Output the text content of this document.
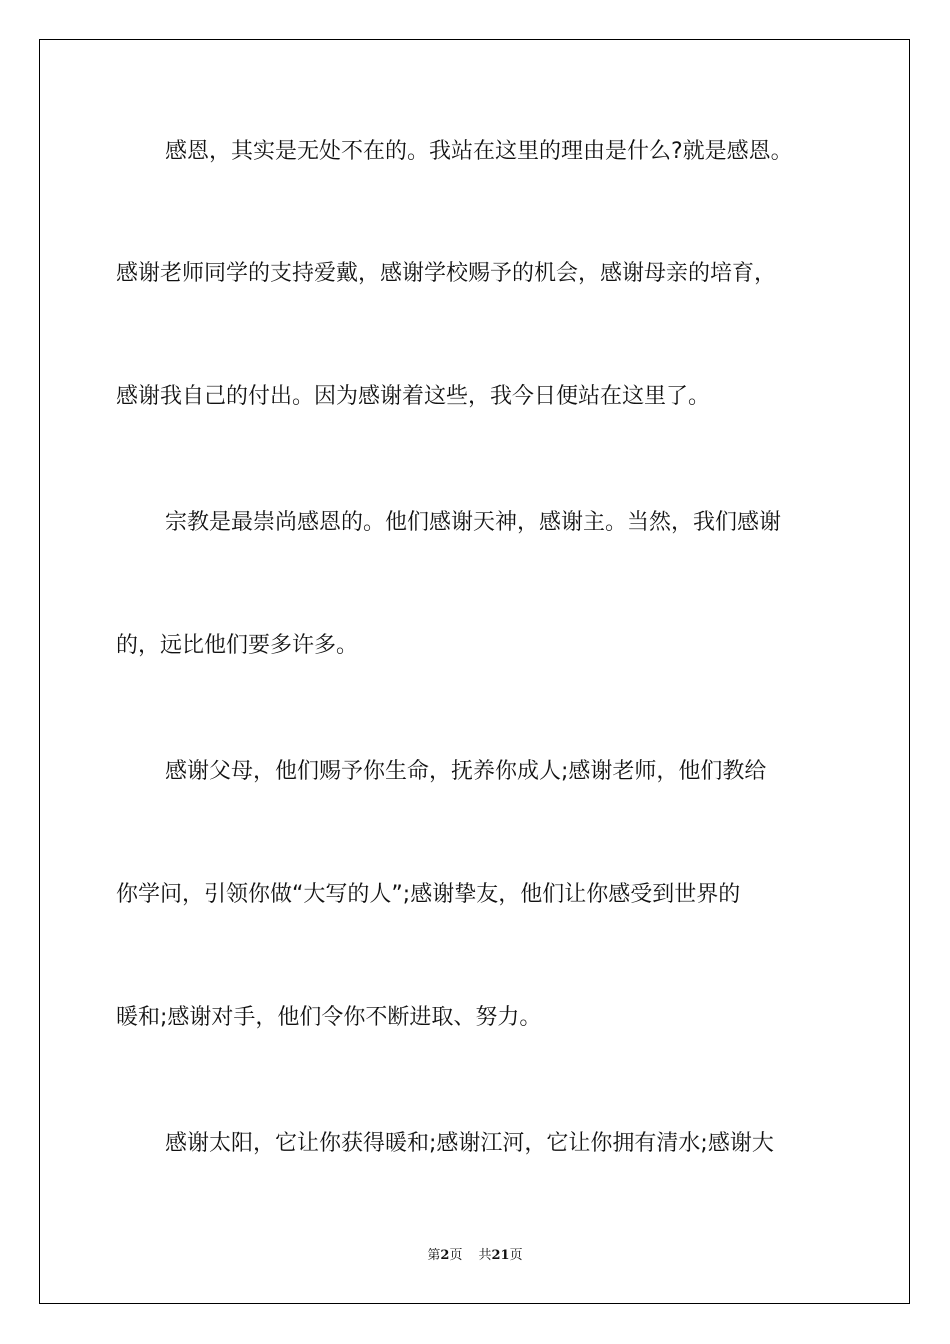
感恩，其实是无处不在的。我站在这里的理由是什么?就是感恩。
感谢老师同学的支持爱戴，感谢学校赐予的机会，感谢母亲的培育，
感谢我自己的付出。因为感谢着这些，我今日便站在这里了。
宗教是最崇尚感恩的。他们感谢天神，感谢主。当然，我们感谢
的，远比他们要多许多。
感谢父母，他们赐予你生命，抚养你成人;感谢老师，他们教给
你学问，引领你做“大写的人”;感谢挚友，他们让你感受到世界的
暖和;感谢对手，他们令你不断进取、努力。
感谢太阳，它让你获得暖和;感谢江河，它让你拥有清水;感谢大
第2页 共21页
